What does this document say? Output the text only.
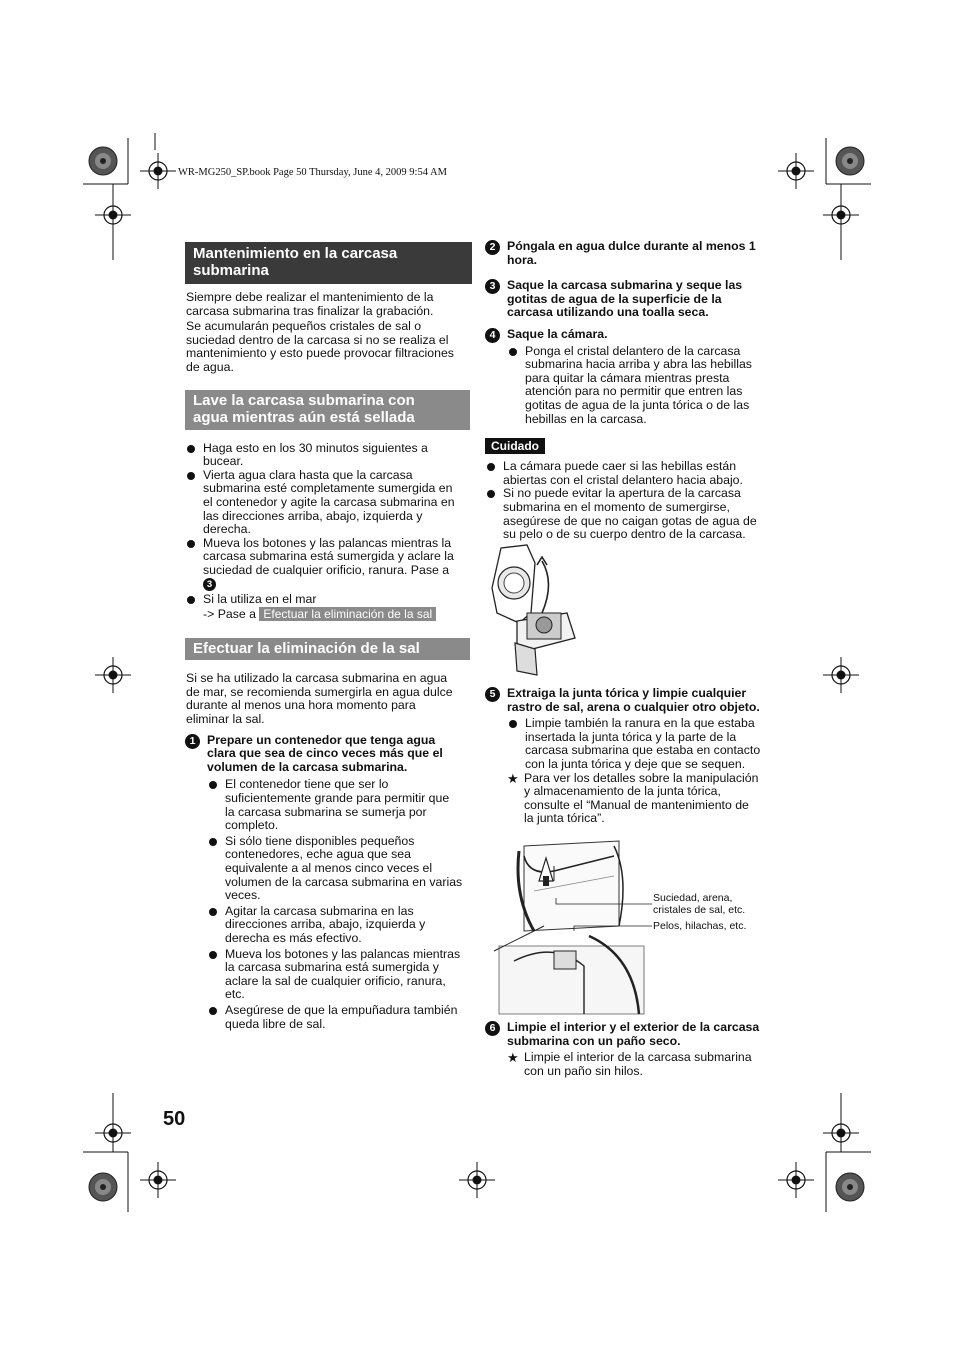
WR-MG250_SP.book Page 50 Thursday, June 4, 2009 9:54 AM
Mantenimiento en la carcasa
submarina
Siempre debe realizar el mantenimiento de la
carcasa submarina tras finalizar la grabación.
Se acumularán pequeños cristales de sal o
suciedad dentro de la carcasa si no se realiza el
mantenimiento y esto puede provocar filtraciones
de agua.
Lave la carcasa submarina con
agua mientras aún está sellada
Haga esto en los 30 minutos siguientes a
bucear.
Vierta agua clara hasta que la carcasa
submarina esté completamente sumergida en
el contenedor y agite la carcasa submarina en
las direcciones arriba, abajo, izquierda y
derecha.
Mueva los botones y las palancas mientras la
carcasa submarina está sumergida y aclare la
suciedad de cualquier orificio, ranura. Pase a
3
Si la utiliza en el mar
-> Pase a Efectuar la eliminación de la sal
Efectuar la eliminación de la sal
Si se ha utilizado la carcasa submarina en agua
de mar, se recomienda sumergirla en agua dulce
durante al menos una hora momento para
eliminar la sal.
1 Prepare un contenedor que tenga agua
clara que sea de cinco veces más que el
volumen de la carcasa submarina.
El contenedor tiene que ser lo
suficientemente grande para permitir que
la carcasa submarina se sumerja por
completo.
Si sólo tiene disponibles pequeños
contenedores, eche agua que sea
equivalente a al menos cinco veces el
volumen de la carcasa submarina en varias
veces.
Agitar la carcasa submarina en las
direcciones arriba, abajo, izquierda y
derecha es más efectivo.
Mueva los botones y las palancas mientras
la carcasa submarina está sumergida y
aclare la sal de cualquier orificio, ranura,
etc.
Asegúrese de que la empuñadura también
queda libre de sal.
2 Póngala en agua dulce durante al menos 1
hora.
3 Saque la carcasa submarina y seque las
gotitas de agua de la superficie de la
carcasa utilizando una toalla seca.
4 Saque la cámara.
Ponga el cristal delantero de la carcasa
submarina hacia arriba y abra las hebillas
para quitar la cámara mientras presta
atención para no permitir que entren las
gotitas de agua de la junta tórica o de las
hebillas en la carcasa.
Cuidado
La cámara puede caer si las hebillas están
abiertas con el cristal delantero hacia abajo.
Si no puede evitar la apertura de la carcasa
submarina en el momento de sumergirse,
asegúrese de que no caigan gotas de agua de
su pelo o de su cuerpo dentro de la carcasa.
5 Extraiga la junta tórica y limpie cualquier
rastro de sal, arena o cualquier otro objeto.
Limpie también la ranura en la que estaba
insertada la junta tórica y la parte de la
carcasa submarina que estaba en contacto
con la junta tórica y deje que se sequen.
★ Para ver los detalles sobre la manipulación
y almacenamiento de la junta tórica,
consulte el “Manual de mantenimiento de
la junta tórica”.
Suciedad, arena,
cristales de sal, etc.
Pelos, hilachas, etc.
6 Limpie el interior y el exterior de la carcasa
submarina con un paño seco.
★ Limpie el interior de la carcasa submarina
con un paño sin hilos.
50
